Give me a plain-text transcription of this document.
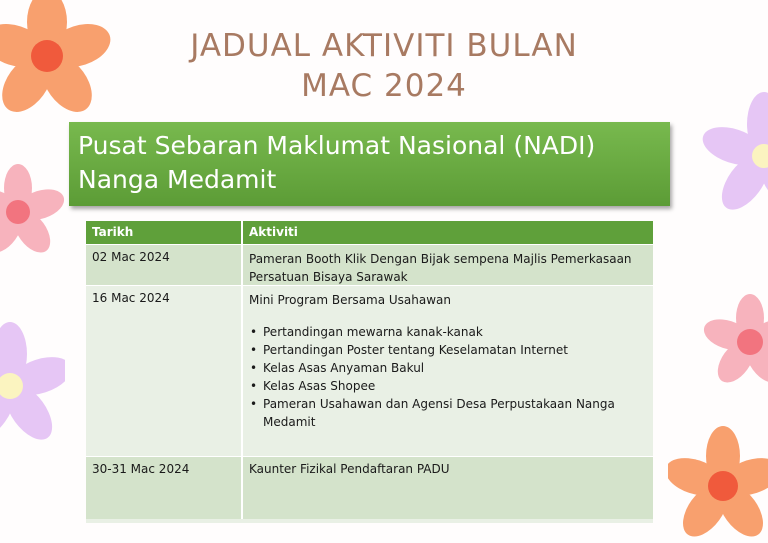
JADUAL AKTIVITI BULAN
MAC 2024
Pusat Sebaran Maklumat Nasional (NADI)
Nanga Medamit
Tarikh	Aktiviti
02 Mac 2024	Pameran Booth Klik Dengan Bijak sempena Majlis Pemerkasaan
Persatuan Bisaya Sarawak
16 Mac 2024	Mini Program Bersama Usahawan
• Pertandingan mewarna kanak-kanak
• Pertandingan Poster tentang Keselamatan Internet
• Kelas Asas Anyaman Bakul
• Kelas Asas Shopee
• Pameran Usahawan dan Agensi Desa Perpustakaan Nanga
Medamit
30-31 Mac 2024	Kaunter Fizikal Pendaftaran PADU
